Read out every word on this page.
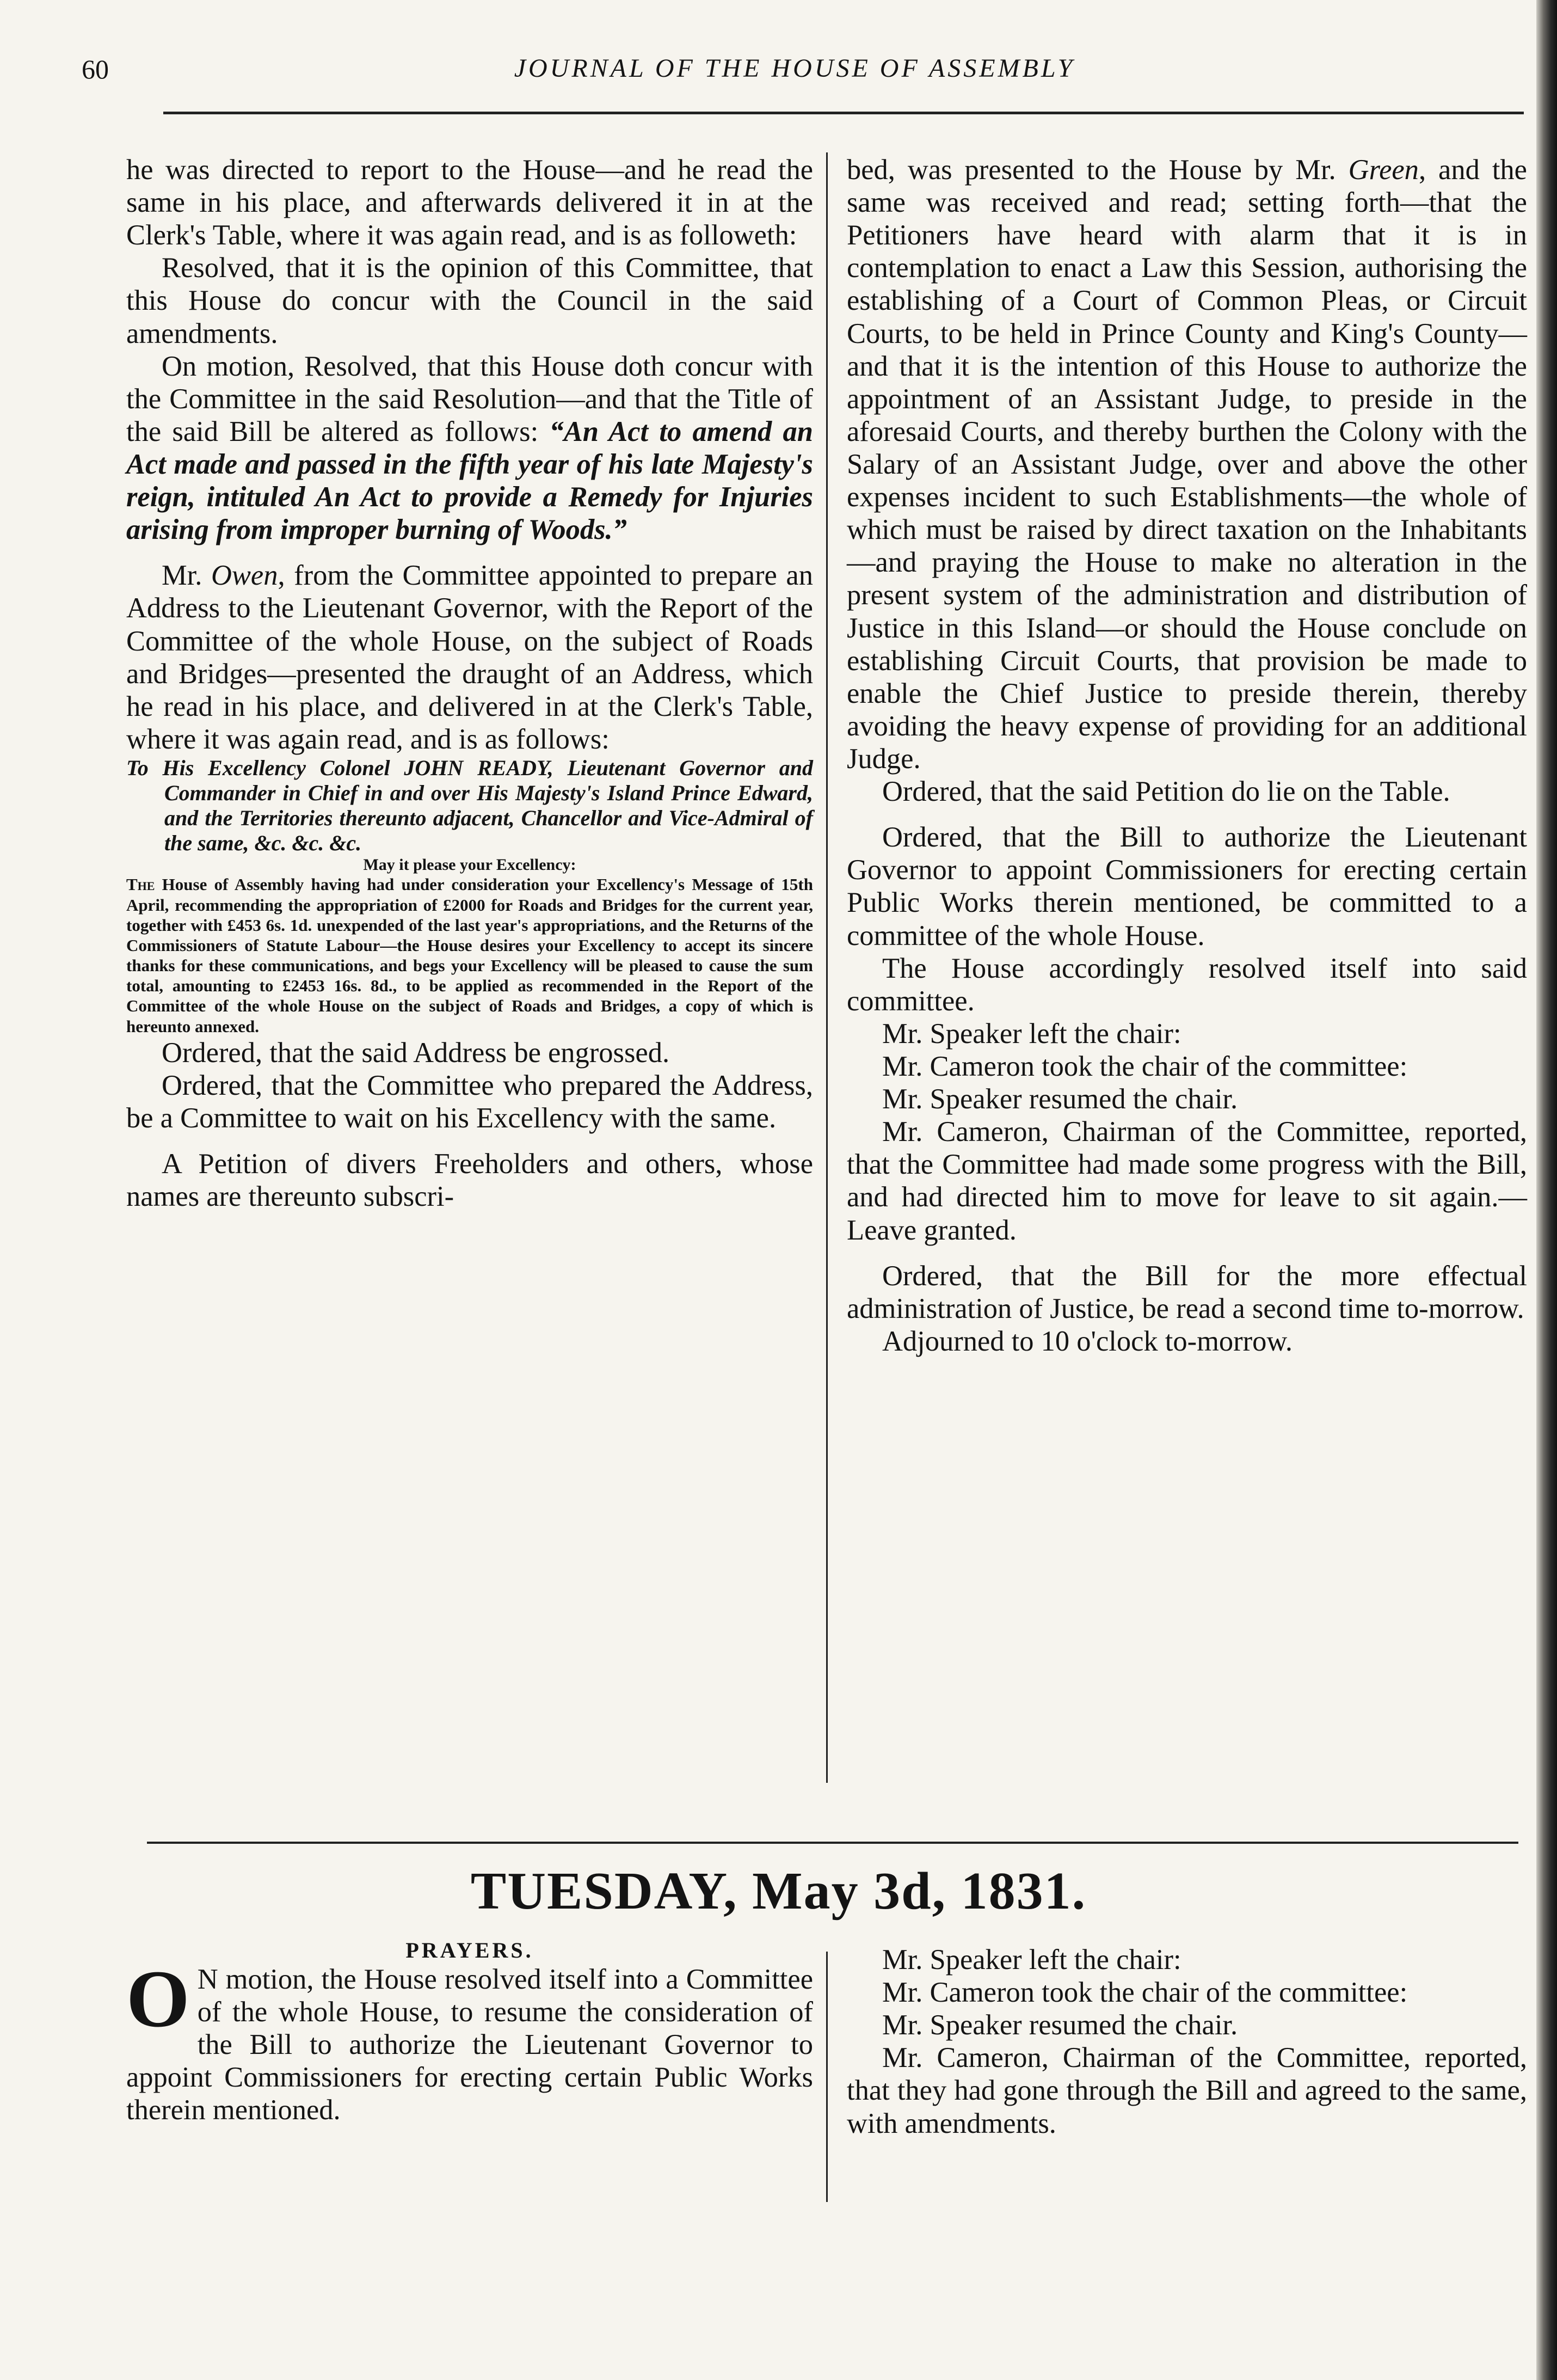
60	JOURNAL OF THE HOUSE OF ASSEMBLY

he was directed to report to the House—and he read the same in his place, and afterwards delivered it in at the Clerk's Table, where it was again read, and is as followeth:

Resolved, that it is the opinion of this Committee, that this House do concur with the Council in the said amendments.

On motion, Resolved, that this House doth concur with the Committee in the said Resolution—and that the Title of the said Bill be altered as follows: “An Act to amend an Act made and passed in the fifth year of his late Majesty's reign, intituled An Act to provide a Remedy for Injuries arising from improper burning of Woods.”

Mr. Owen, from the Committee appointed to prepare an Address to the Lieutenant Governor, with the Report of the Committee of the whole House, on the subject of Roads and Bridges—presented the draught of an Address, which he read in his place, and delivered in at the Clerk's Table, where it was again read, and is as follows:

To His Excellency Colonel JOHN READY, Lieutenant Governor and Commander in Chief in and over His Majesty's Island Prince Edward, and the Territories thereunto adjacent, Chancellor and Vice-Admiral of the same, &c. &c. &c.

May it please your Excellency:

The House of Assembly having had under consideration your Excellency's Message of 15th April, recommending the appropriation of £2000 for Roads and Bridges for the current year, together with £453 6s. 1d. unexpended of the last year's appropriations, and the Returns of the Commissioners of Statute Labour—the House desires your Excellency to accept its sincere thanks for these communications, and begs your Excellency will be pleased to cause the sum total, amounting to £2453 16s. 8d., to be applied as recommended in the Report of the Committee of the whole House on the subject of Roads and Bridges, a copy of which is hereunto annexed.

Ordered, that the said Address be engrossed.

Ordered, that the Committee who prepared the Address, be a Committee to wait on his Excellency with the same.

A Petition of divers Freeholders and others, whose names are thereunto subscri-

bed, was presented to the House by Mr. Green, and the same was received and read; setting forth—that the Petitioners have heard with alarm that it is in contemplation to enact a Law this Session, authorising the establishing of a Court of Common Pleas, or Circuit Courts, to be held in Prince County and King's County—and that it is the intention of this House to authorize the appointment of an Assistant Judge, to preside in the aforesaid Courts, and thereby burthen the Colony with the Salary of an Assistant Judge, over and above the other expenses incident to such Establishments—the whole of which must be raised by direct taxation on the Inhabitants—and praying the House to make no alteration in the present system of the administration and distribution of Justice in this Island—or should the House conclude on establishing Circuit Courts, that provision be made to enable the Chief Justice to preside therein, thereby avoiding the heavy expense of providing for an additional Judge.

Ordered, that the said Petition do lie on the Table.

Ordered, that the Bill to authorize the Lieutenant Governor to appoint Commissioners for erecting certain Public Works therein mentioned, be committed to a committee of the whole House.

The House accordingly resolved itself into said committee.

Mr. Speaker left the chair:

Mr. Cameron took the chair of the committee:

Mr. Speaker resumed the chair.

Mr. Cameron, Chairman of the Committee, reported, that the Committee had made some progress with the Bill, and had directed him to move for leave to sit again.—Leave granted.

Ordered, that the Bill for the more effectual administration of Justice, be read a second time to-morrow.

Adjourned to 10 o'clock to-morrow.

TUESDAY, May 3d, 1831.

PRAYERS.

O N motion, the House resolved itself into a Committee of the whole House, to resume the consideration of the Bill to authorize the Lieutenant Governor to appoint Commissioners for erecting certain Public Works therein mentioned.

Mr. Speaker left the chair:

Mr. Cameron took the chair of the committee:

Mr. Speaker resumed the chair.

Mr. Cameron, Chairman of the Committee, reported, that they had gone through the Bill and agreed to the same, with amendments.
